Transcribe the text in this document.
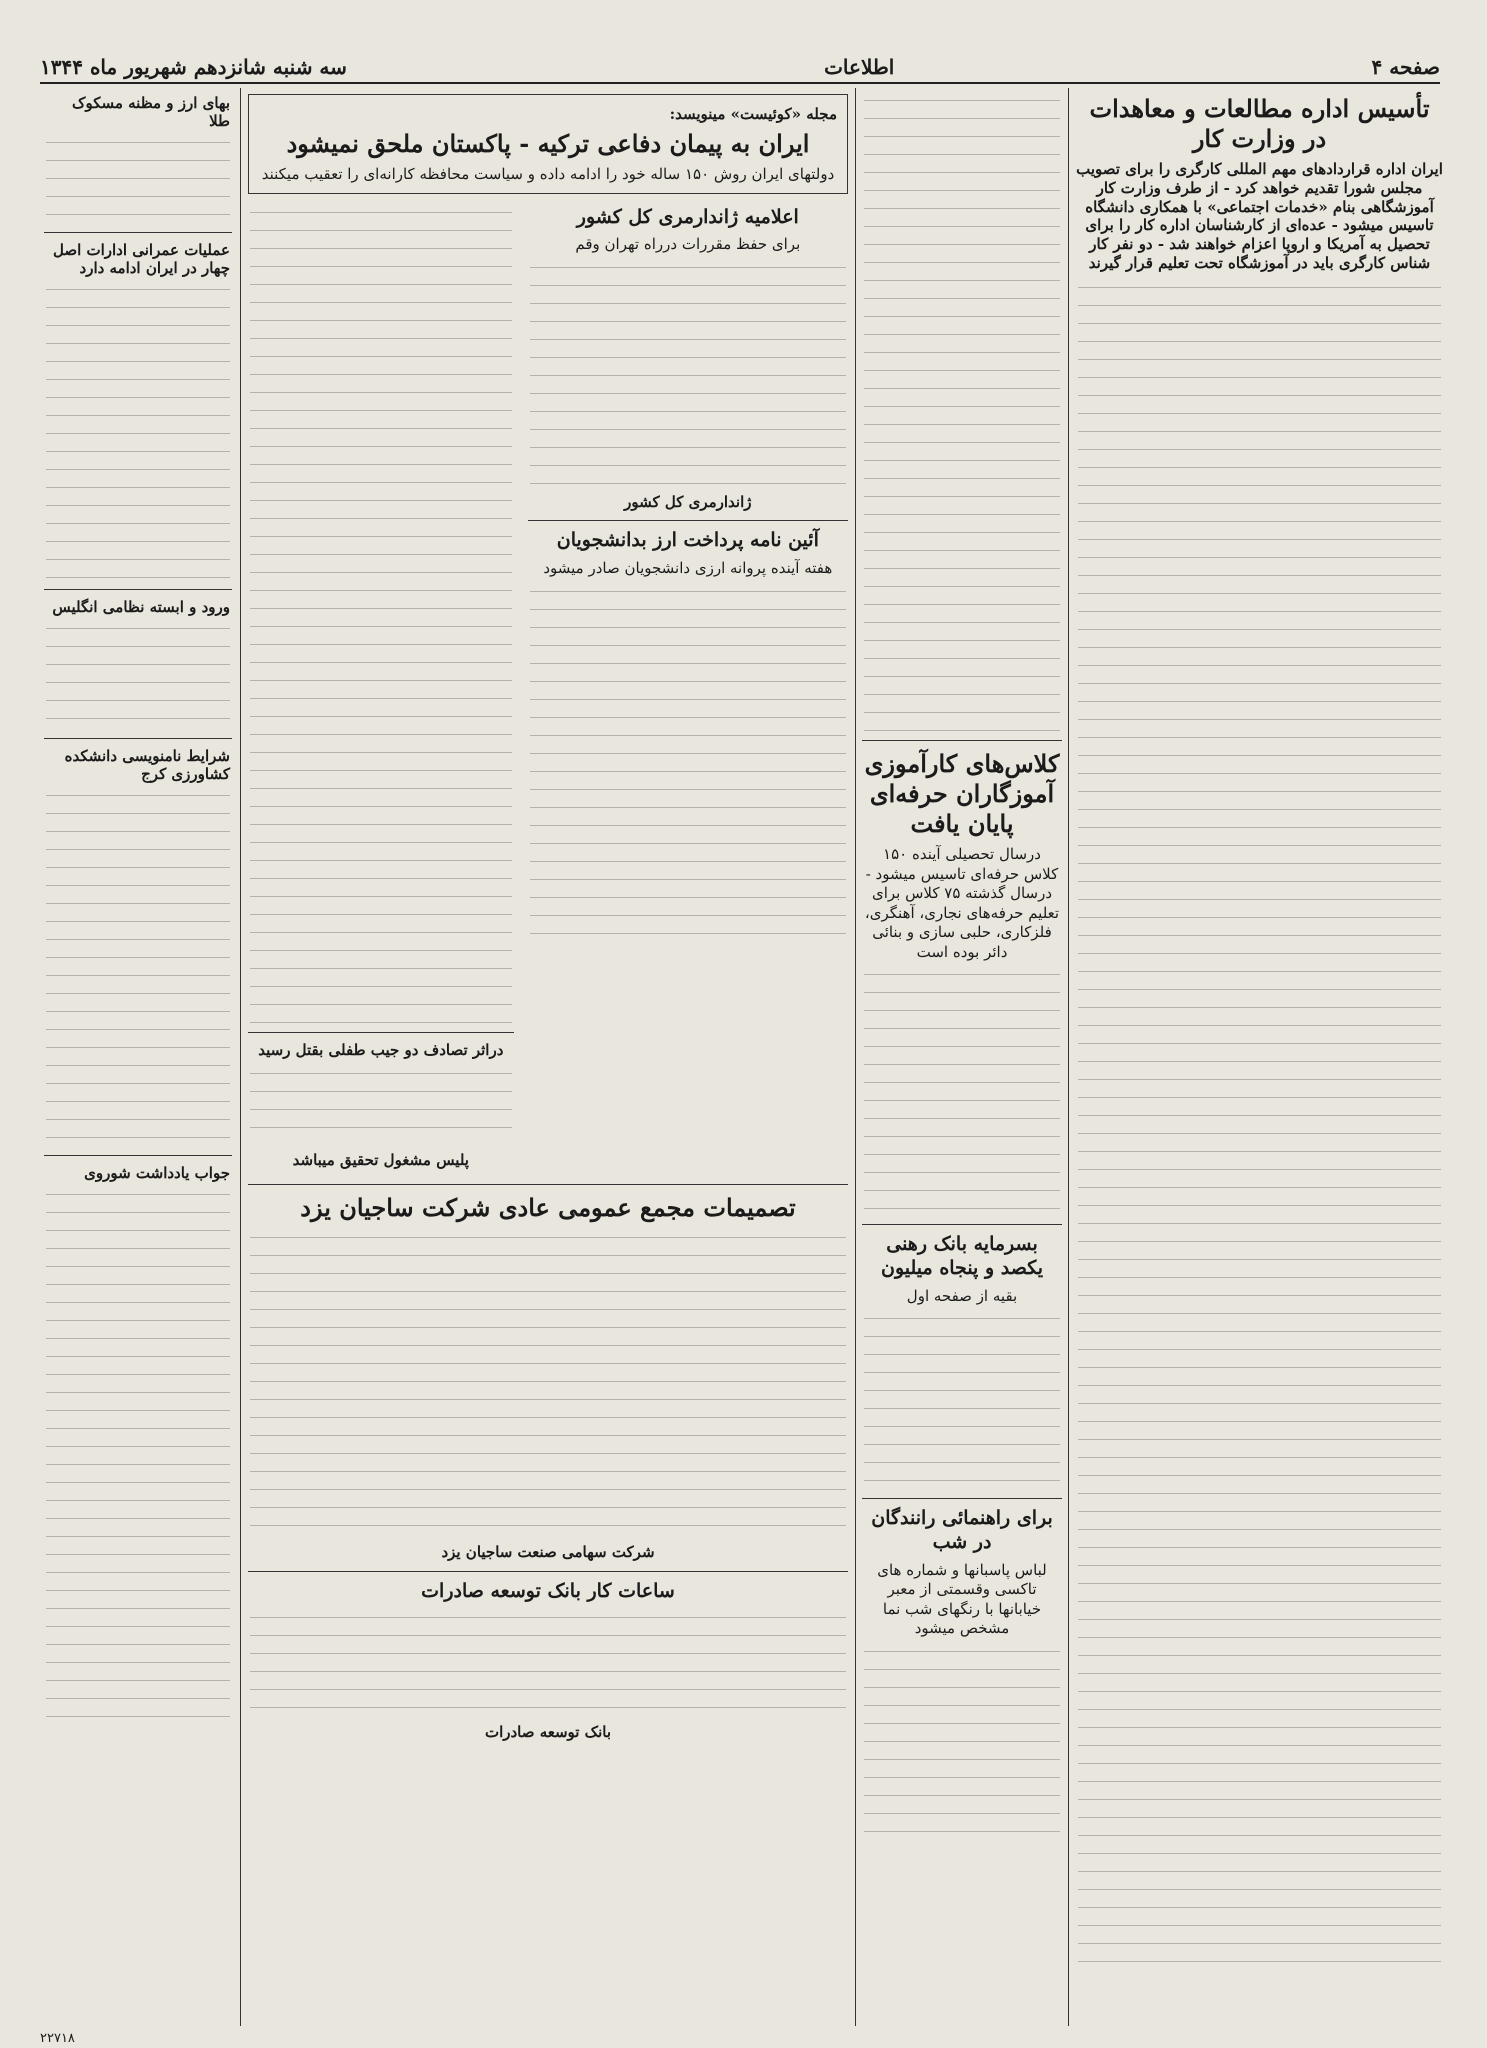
صفحه ۴
اطلاعات
سه شنبه شانزدهم شهریور ماه ۱۳۴۴
تأسیس اداره مطالعات و معاهدات در وزارت کار
ایران اداره قراردادهای مهم المللی کارگری را برای تصویب مجلس شورا تقدیم خواهد کرد - از طرف وزارت کار آموزشگاهی بنام «خدمات اجتماعی» با همکاری دانشگاه تاسیس میشود - عده‌ای از کارشناسان اداره کار را برای تحصیل به آمریکا و اروپا اعزام خواهند شد - دو نفر کار شناس کارگری باید در آموزشگاه تحت تعلیم قرار گیرند
کلاس‌های کارآموزی آموزگاران حرفه‌ای پایان یافت
درسال تحصیلی آینده ۱۵۰ کلاس حرفه‌ای تاسیس میشود - درسال گذشته ۷۵ کلاس برای تعلیم حرفه‌های نجاری، آهنگری، فلزکاری، حلبی سازی و بنائی دائر بوده است
بسرمایه بانک رهنی یکصد و پنجاه میلیون
بقیه از صفحه اول
برای راهنمائی رانندگان در شب
لباس پاسبانها و شماره های تاکسی وقسمتی از معبر خیابانها با رنگهای شب نما مشخص میشود
مجله «کوئیست» مینویسد:
ایران به پیمان دفاعی ترکیه - پاکستان ملحق نمیشود
دولتهای ایران روش ۱۵۰ ساله خود را ادامه داده و سیاست محافظه کارانه‌ای را تعقیب میکنند
اعلامیه ژاندارمری کل کشور
برای حفظ مقررات درراه تهران وقم
ژاندارمری کل کشور
آئین نامه پرداخت ارز بدانشجویان
هفته آینده پروانه ارزی دانشجویان صادر میشود
دراثر تصادف دو جیب طفلی بقتل رسید
پلیس مشغول تحقیق میباشد
تصمیمات مجمع عمومی عادی شرکت ساجیان یزد
شرکت سهامی صنعت ساجیان یزد
ساعات کار بانک توسعه صادرات
بانک توسعه صادرات
بهای ارز و مظنه مسکوک طلا
عملیات عمرانی ادارات اصل چهار در ایران ادامه دارد
ورود و ابسته نظامی انگلیس
شرایط نامنویسی دانشکده کشاورزی کرج
جواب یادداشت شوروی
۲۲۷۱۸
